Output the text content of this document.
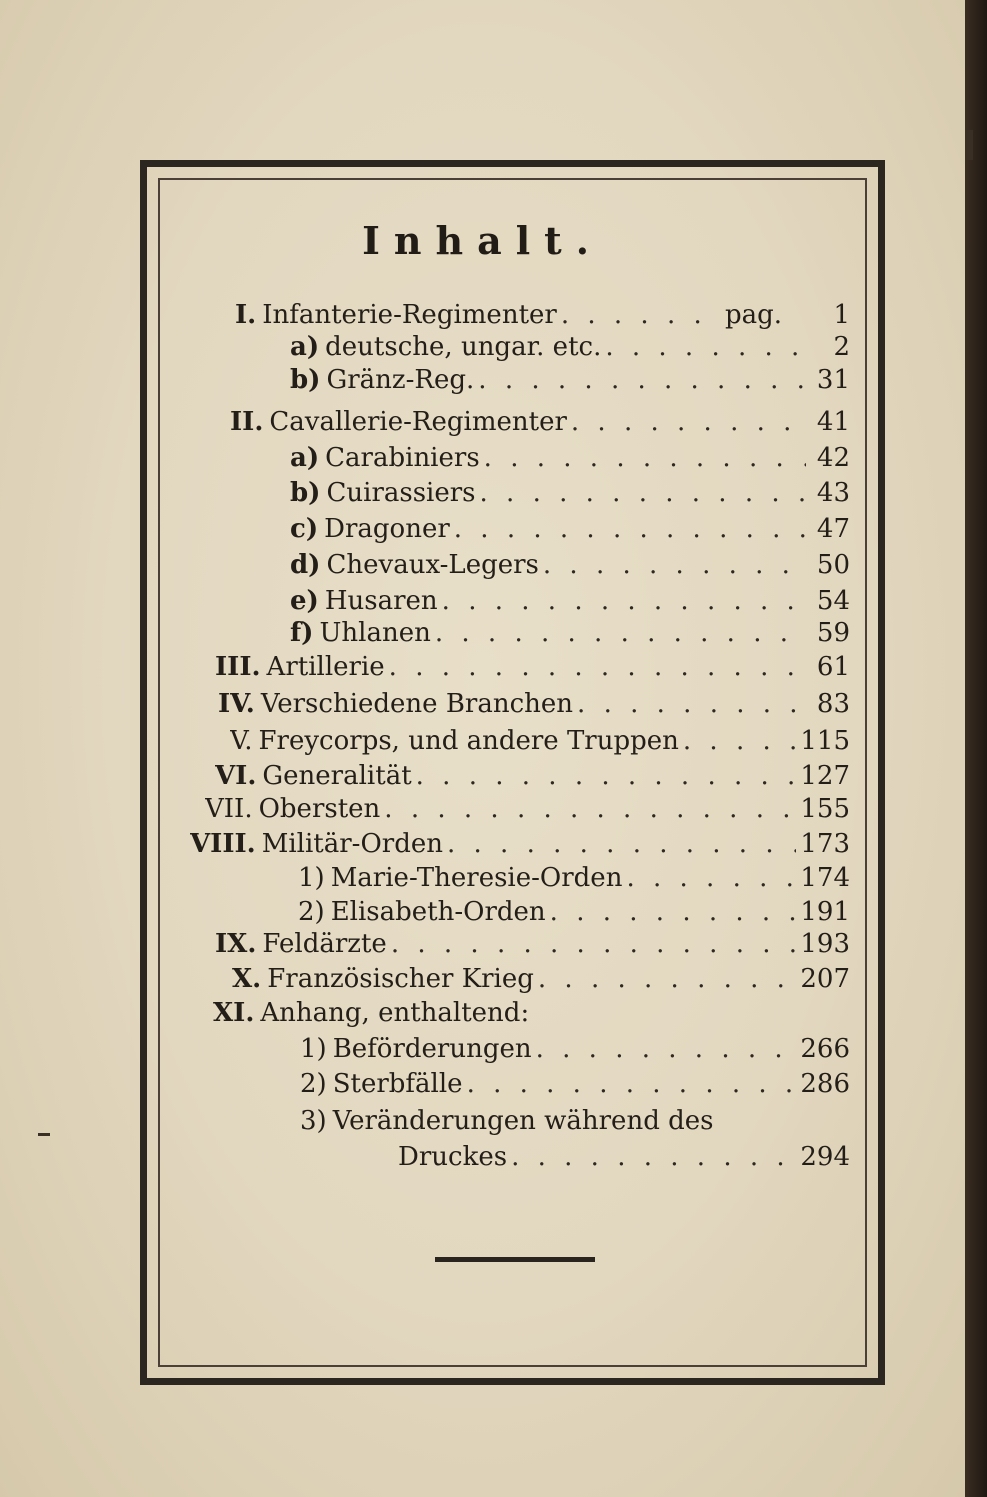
Inhalt.
I. Infanterie-Regimenter . . .	pag.	1
a) deutsche, ungar. etc. . . .	2
b) Gränz-Reg. . . .	31
II. Cavallerie-Regimenter . . .	41
a) Carabiniers . . .	42
b) Cuirassiers . . .	43
c) Dragoner . . .	47
d) Chevaux-Legers . . .	50
e) Husaren . . .	54
f) Uhlanen . . .	59
III. Artillerie . . .	61
IV. Verschiedene Branchen . . .	83
V. Freycorps, und andere Truppen . . .	115
VI. Generalität . . .	127
VII. Obersten . . .	155
VIII. Militär-Orden . . .	173
1) Marie-Theresie-Orden . . .	174
2) Elisabeth-Orden . . .	191
IX. Feldärzte . . .	193
X. Französischer Krieg . . .	207
XI. Anhang, enthaltend:
1) Beförderungen . . .	266
2) Sterbfälle . . .	286
3) Veränderungen während des
Druckes . . .	294
